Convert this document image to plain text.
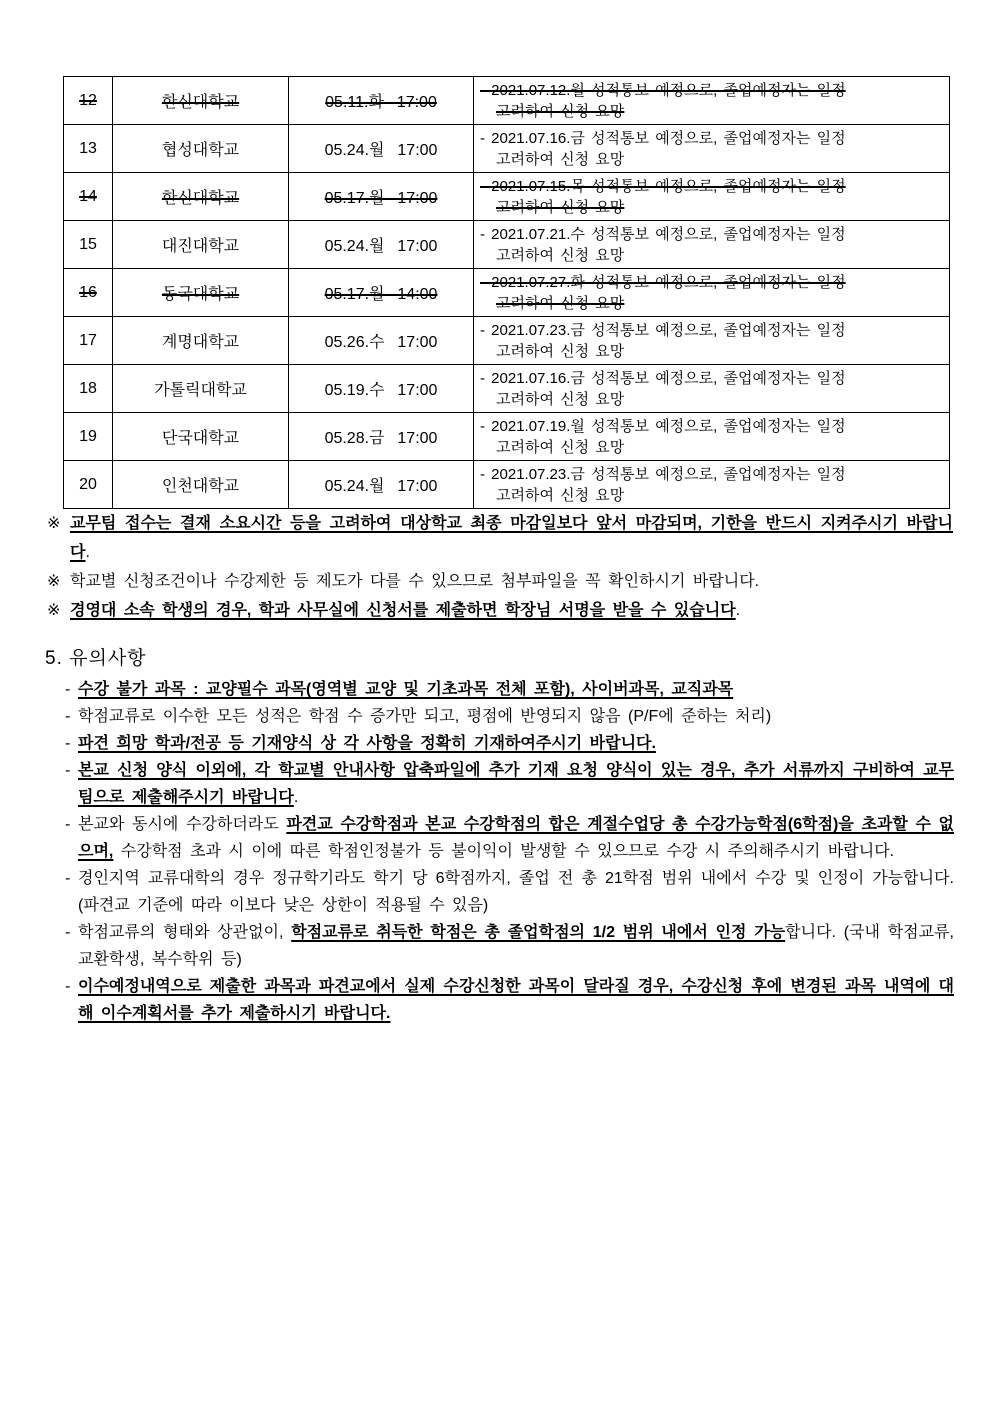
12	한신대학교	05.11.화  17:00	- 2021.07.12.월 성적통보 예정으로, 졸업예정자는 일정
고려하여 신청 요망

13	협성대학교	05.24.월  17:00	- 2021.07.16.금 성적통보 예정으로, 졸업예정자는 일정
고려하여 신청 요망

14	한신대학교	05.17.월  17:00	- 2021.07.15.목 성적통보 예정으로, 졸업예정자는 일정
고려하여 신청 요망

15	대진대학교	05.24.월  17:00	- 2021.07.21.수 성적통보 예정으로, 졸업예정자는 일정
고려하여 신청 요망

16	동국대학교	05.17.월  14:00	- 2021.07.27.화 성적통보 예정으로, 졸업예정자는 일정
고려하여 신청 요망

17	계명대학교	05.26.수  17:00	- 2021.07.23.금 성적통보 예정으로, 졸업예정자는 일정
고려하여 신청 요망

18	가톨릭대학교	05.19.수  17:00	- 2021.07.16.금 성적통보 예정으로, 졸업예정자는 일정
고려하여 신청 요망

19	단국대학교	05.28.금  17:00	- 2021.07.19.월 성적통보 예정으로, 졸업예정자는 일정
고려하여 신청 요망

20	인천대학교	05.24.월  17:00	- 2021.07.23.금 성적통보 예정으로, 졸업예정자는 일정
고려하여 신청 요망
※ 교무팀 접수는 결재 소요시간 등을 고려하여 대상학교 최종 마감일보다 앞서 마감되며, 기한을 반드시 지켜주시기 바랍니다.
※ 학교별 신청조건이나 수강제한 등 제도가 다를 수 있으므로 첨부파일을 꼭 확인하시기 바랍니다.
※ 경영대 소속 학생의 경우, 학과 사무실에 신청서를 제출하면 학장님 서명을 받을 수 있습니다.
5. 유의사항
- 수강 불가 과목 : 교양필수 과목(영역별 교양 및 기초과목 전체 포함), 사이버과목, 교직과목
- 학점교류로 이수한 모든 성적은 학점 수 증가만 되고, 평점에 반영되지 않음 (P/F에 준하는 처리)
- 파견 희망 학과/전공 등 기재양식 상 각 사항을 정확히 기재하여주시기 바랍니다.
- 본교 신청 양식 이외에, 각 학교별 안내사항 압축파일에 추가 기재 요청 양식이 있는 경우, 추가 서류까지 구비하여 교무팀으로 제출해주시기 바랍니다.
- 본교와 동시에 수강하더라도 파견교 수강학점과 본교 수강학점의 합은 계절수업당 총 수강가능학점(6학점)을 초과할 수 없으며, 수강학점 초과 시 이에 따른 학점인정불가 등 불이익이 발생할 수 있으므로 수강 시 주의해주시기 바랍니다.
- 경인지역 교류대학의 경우 정규학기라도 학기 당 6학점까지, 졸업 전 총 21학점 범위 내에서 수강 및 인정이 가능합니다. (파견교 기준에 따라 이보다 낮은 상한이 적용될 수 있음)
- 학점교류의 형태와 상관없이, 학점교류로 취득한 학점은 총 졸업학점의 1/2 범위 내에서 인정 가능합니다. (국내 학점교류, 교환학생, 복수학위 등)
- 이수예정내역으로 제출한 과목과 파견교에서 실제 수강신청한 과목이 달라질 경우, 수강신청 후에 변경된 과목 내역에 대해 이수계획서를 추가 제출하시기 바랍니다.
